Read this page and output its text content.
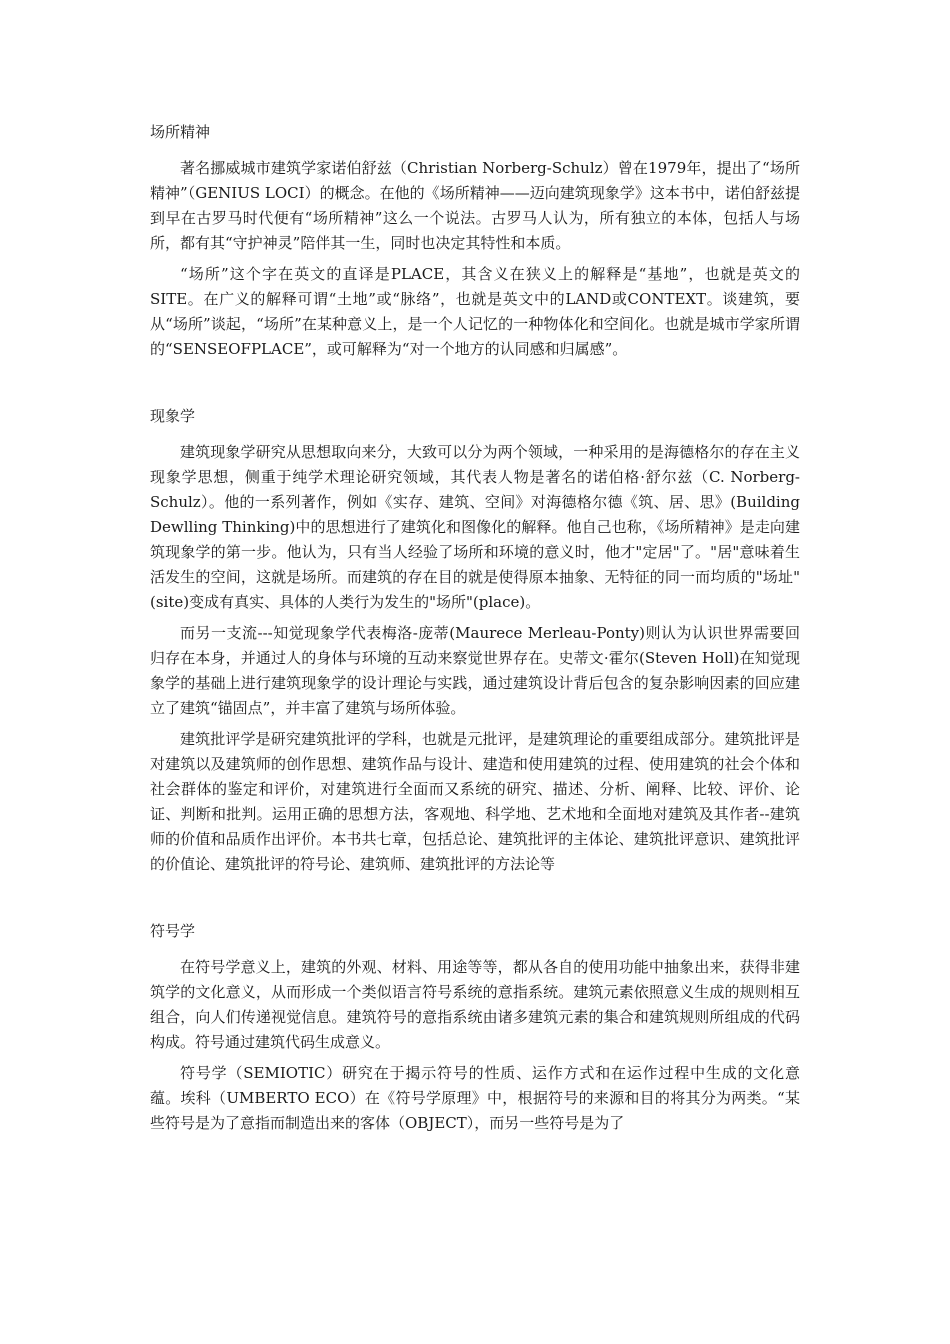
场所精神

著名挪威城市建筑学家诺伯舒兹（Christian Norberg-Schulz）曾在1979年，提出了“场所精神”（GENIUS LOCI）的概念。在他的《场所精神——迈向建筑现象学》这本书中，诺伯舒兹提到早在古罗马时代便有“场所精神”这么一个说法。古罗马人认为，所有独立的本体，包括人与场所，都有其“守护神灵”陪伴其一生，同时也决定其特性和本质。

“场所”这个字在英文的直译是PLACE，其含义在狭义上的解释是“基地”，也就是英文的SITE。在广义的解释可谓“土地”或“脉络”，也就是英文中的LAND或CONTEXT。谈建筑，要从“场所”谈起，“场所”在某种意义上，是一个人记忆的一种物体化和空间化。也就是城市学家所谓的“SENSEOFPLACE”，或可解释为“对一个地方的认同感和归属感”。

现象学

建筑现象学研究从思想取向来分，大致可以分为两个领域，一种采用的是海德格尔的存在主义现象学思想，侧重于纯学术理论研究领域，其代表人物是著名的诺伯格·舒尔兹（C. Norberg-Schulz）。他的一系列著作，例如《实存、建筑、空间》对海德格尔德《筑、居、思》(Building Dewlling Thinking)中的思想进行了建筑化和图像化的解释。他自己也称，《场所精神》是走向建筑现象学的第一步。他认为，只有当人经验了场所和环境的意义时，他才"定居"了。"居"意味着生活发生的空间，这就是场所。而建筑的存在目的就是使得原本抽象、无特征的同一而均质的"场址"(site)变成有真实、具体的人类行为发生的"场所"(place)。

而另一支流---知觉现象学代表梅洛-庞蒂(Maurece Merleau-Ponty)则认为认识世界需要回归存在本身，并通过人的身体与环境的互动来察觉世界存在。史蒂文·霍尔(Steven Holl)在知觉现象学的基础上进行建筑现象学的设计理论与实践，通过建筑设计背后包含的复杂影响因素的回应建立了建筑“锚固点”，并丰富了建筑与场所体验。

建筑批评学是研究建筑批评的学科，也就是元批评，是建筑理论的重要组成部分。建筑批评是对建筑以及建筑师的创作思想、建筑作品与设计、建造和使用建筑的过程、使用建筑的社会个体和社会群体的鉴定和评价，对建筑进行全面而又系统的研究、描述、分析、阐释、比较、评价、论证、判断和批判。运用正确的思想方法，客观地、科学地、艺术地和全面地对建筑及其作者--建筑师的价值和品质作出评价。本书共七章，包括总论、建筑批评的主体论、建筑批评意识、建筑批评的价值论、建筑批评的符号论、建筑师、建筑批评的方法论等

符号学

在符号学意义上，建筑的外观、材料、用途等等，都从各自的使用功能中抽象出来，获得非建筑学的文化意义，从而形成一个类似语言符号系统的意指系统。建筑元素依照意义生成的规则相互组合，向人们传递视觉信息。建筑符号的意指系统由诸多建筑元素的集合和建筑规则所组成的代码构成。符号通过建筑代码生成意义。

符号学（SEMIOTIC）研究在于揭示符号的性质、运作方式和在运作过程中生成的文化意蕴。埃科（UMBERTO ECO）在《符号学原理》中，根据符号的来源和目的将其分为两类。“某些符号是为了意指而制造出来的客体（OBJECT），而另一些符号是为了
